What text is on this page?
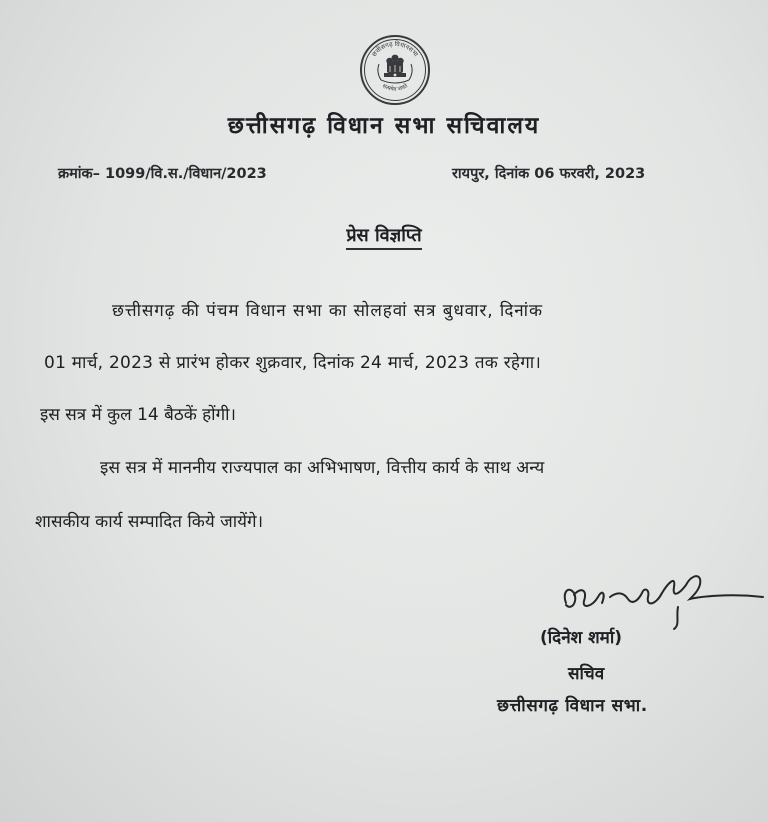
छत्तीसगढ़ विधानसभा
सत्यमेव जयते
छत्तीसगढ़ विधान सभा सचिवालय
क्रमांक– 1099/वि.स./विधान/2023	रायपुर, दिनांक 06 फरवरी, 2023
प्रेस विज्ञप्ति
छत्तीसगढ़ की पंचम विधान सभा का सोलहवां सत्र बुधवार, दिनांक
01 मार्च, 2023 से प्रारंभ होकर शुक्रवार, दिनांक 24 मार्च, 2023 तक रहेगा।
इस सत्र में कुल 14 बैठकें होंगी।
इस सत्र में माननीय राज्यपाल का अभिभाषण, वित्तीय कार्य के साथ अन्य
शासकीय कार्य सम्पादित किये जायेंगे।
(दिनेश शर्मा)
सचिव
छत्तीसगढ़ विधान सभा.
